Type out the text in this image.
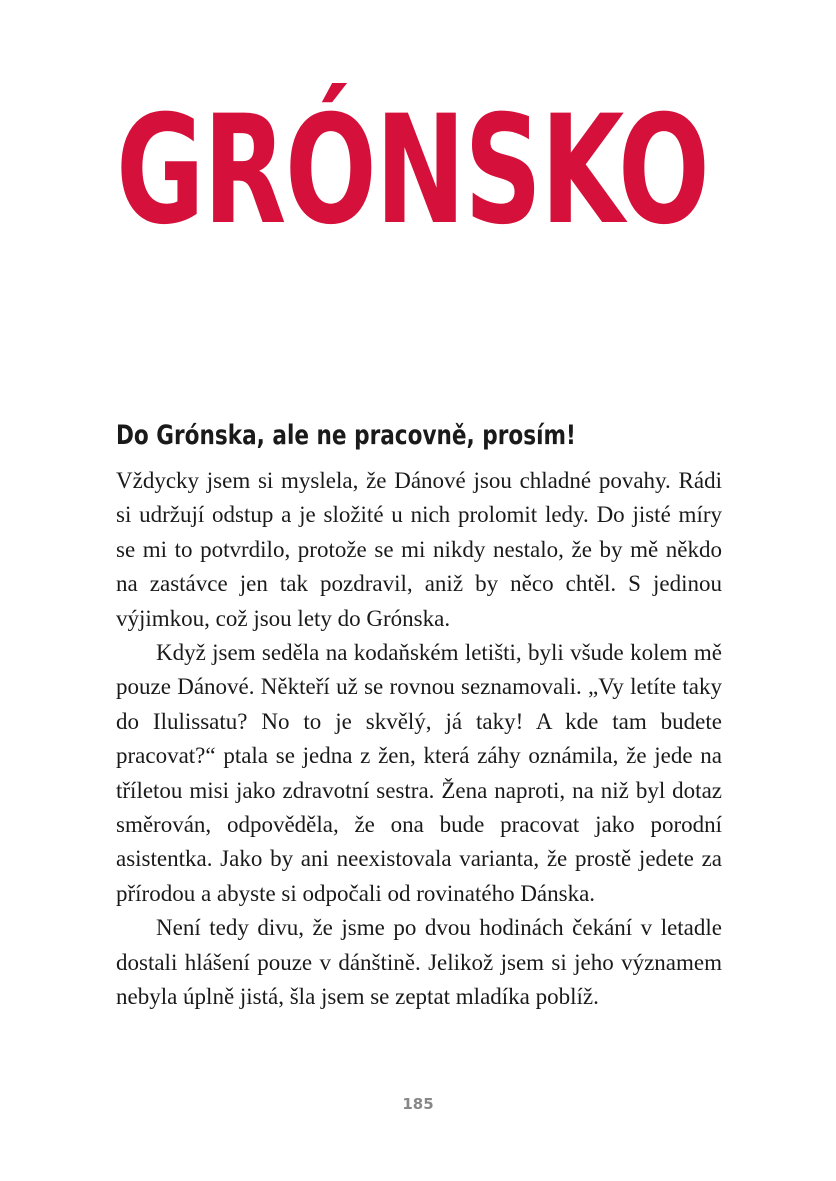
GRÓNSKO
Do Grónska, ale ne pracovně, prosím!

Vždycky jsem si myslela, že Dánové jsou chladné povahy. Rádi si udržují odstup a je složité u nich prolomit ledy. Do jisté míry se mi to potvrdilo, protože se mi nikdy nestalo, že by mě někdo na zastávce jen tak pozdravil, aniž by něco chtěl. S jedinou výjimkou, což jsou lety do Grónska.

Když jsem seděla na kodaňském letišti, byli všude kolem mě pouze Dánové. Někteří už se rovnou seznamovali. „Vy letíte taky do Ilulissatu? No to je skvělý, já taky! A kde tam budete pracovat?“ ptala se jedna z žen, která záhy oznámila, že jede na tříletou misi jako zdravotní sestra. Žena naproti, na niž byl dotaz směrován, odpověděla, že ona bude pracovat jako porodní asistentka. Jako by ani neexistovala varianta, že prostě jedete za přírodou a abyste si odpočali od rovinatého Dánska.

Není tedy divu, že jsme po dvou hodinách čekání v letadle dostali hlášení pouze v dánštině. Jelikož jsem si jeho významem nebyla úplně jistá, šla jsem se zeptat mladíka poblíž.

185
